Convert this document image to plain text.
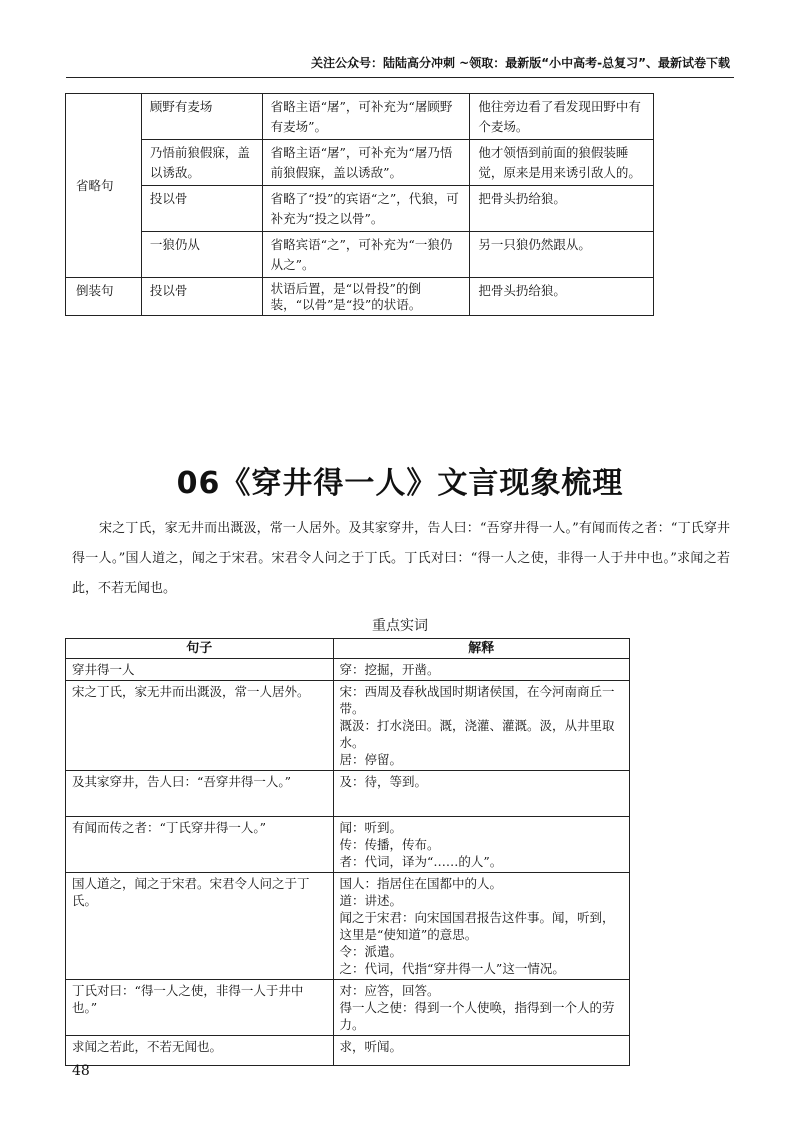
关注公众号：陆陆高分冲刺 ~领取：最新版“小中高考-总复习”、最新试卷下载
省略句	顾野有麦场	省略主语“屠”，可补充为“屠顾野有麦场”。	他往旁边看了看发现田野中有个麦场。
	乃悟前狼假寐，盖以诱敌。	省略主语“屠”，可补充为“屠乃悟前狼假寐，盖以诱敌”。	他才领悟到前面的狼假装睡觉，原来是用来诱引敌人的。
	投以骨	省略了“投”的宾语“之”，代狼，可补充为“投之以骨”。	把骨头扔给狼。
	一狼仍从	省略宾语“之”，可补充为“一狼仍从之”。	另一只狼仍然跟从。
倒装句	投以骨	状语后置，是“以骨投”的倒装，“以骨”是“投”的状语。	把骨头扔给狼。
06《穿井得一人》文言现象梳理
宋之丁氏，家无井而出溉汲，常一人居外。及其家穿井，告人曰：“吾穿井得一人。”有闻而传之者：“丁氏穿井得一人。”国人道之，闻之于宋君。宋君令人问之于丁氏。丁氏对曰：“得一人之使，非得一人于井中也。”求闻之若此，不若无闻也。
重点实词
句子	解释
穿井得一人	穿：挖掘，开凿。

宋之丁氏，家无井而出溉汲，常一人居外。	宋：西周及春秋战国时期诸侯国，在今河南商丘一带。
溉汲：打水浇田。溉，浇灌、灌溉。汲，从井里取水。
居：停留。

及其家穿井，告人曰：“吾穿井得一人。”	及：待，等到。

有闻而传之者：“丁氏穿井得一人。”	闻：听到。
传：传播，传布。
者：代词，译为“……的人”。

国人道之，闻之于宋君。宋君令人问之于丁氏。	国人：指居住在国都中的人。
道：讲述。
闻之于宋君：向宋国国君报告这件事。闻，听到，这里是“使知道”的意思。
令：派遣。
之：代词，代指“穿井得一人”这一情况。

丁氏对曰：“得一人之使，非得一人于井中也。”	对：应答，回答。
得一人之使：得到一个人使唤，指得到一个人的劳力。

求闻之若此，不若无闻也。	求，听闻。
48
